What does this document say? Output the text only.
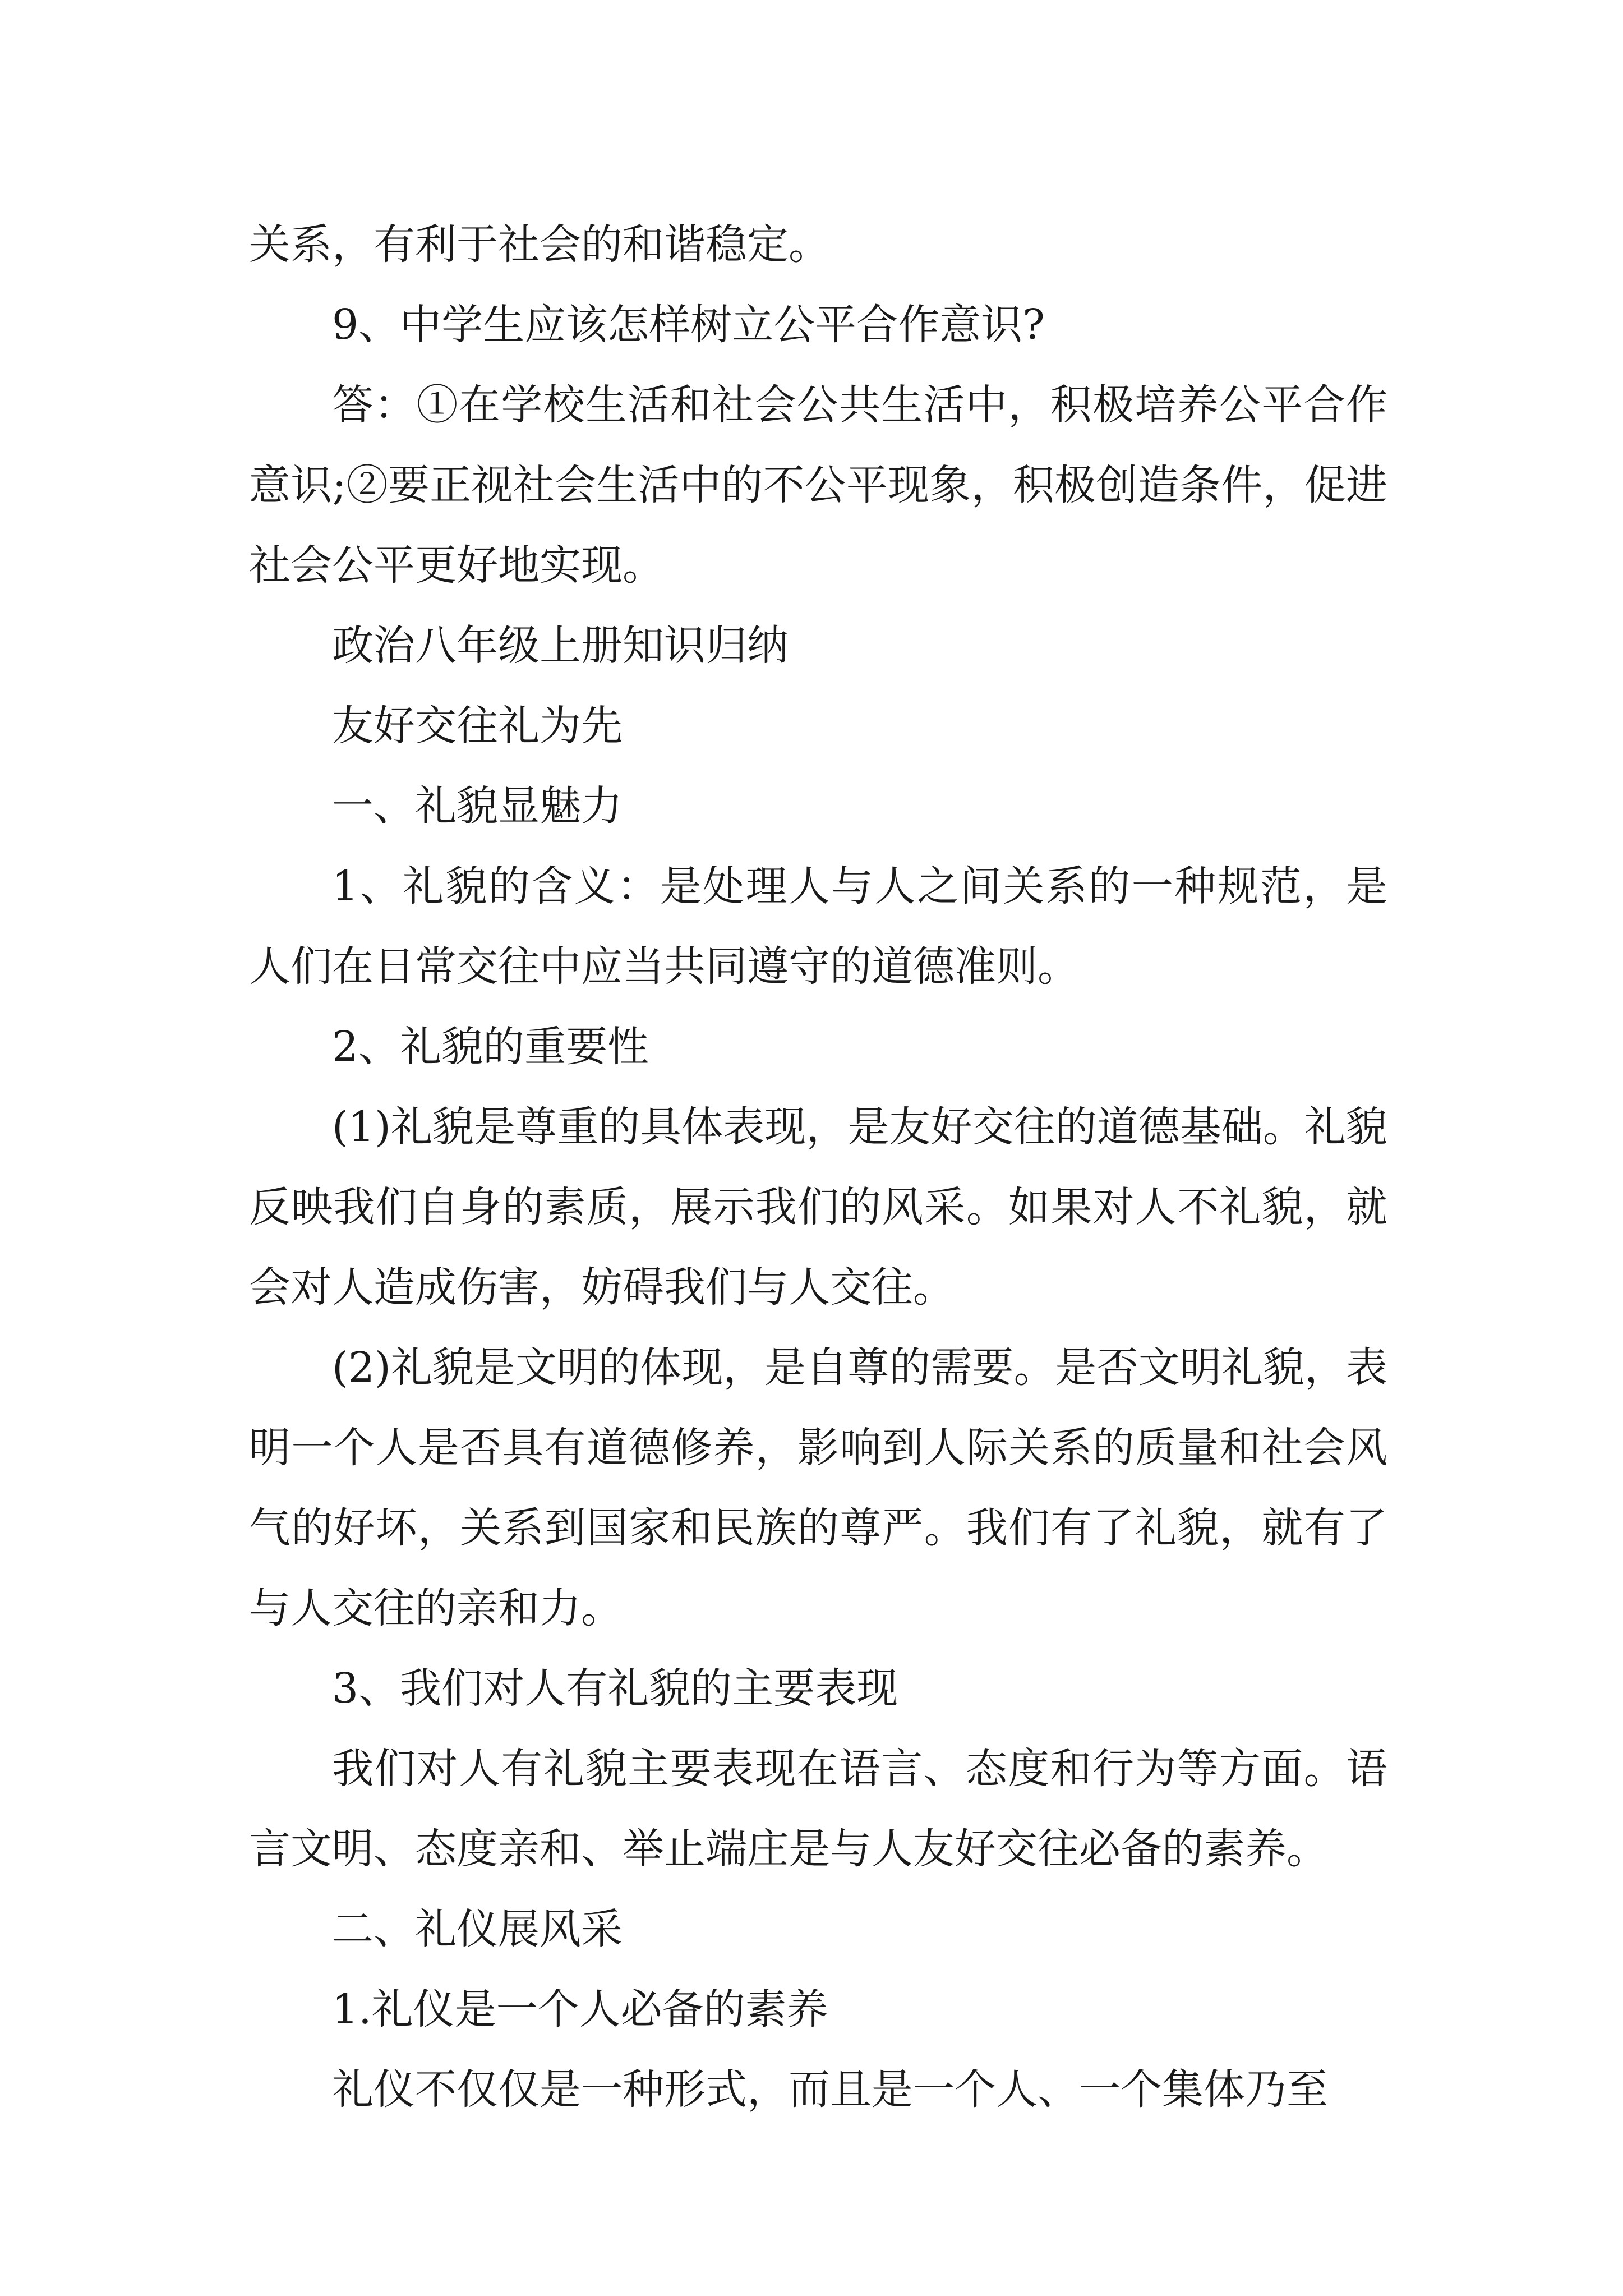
关系，有利于社会的和谐稳定。

9、中学生应该怎样树立公平合作意识?

答：①在学校生活和社会公共生活中，积极培养公平合作意识;②要正视社会生活中的不公平现象，积极创造条件，促进社会公平更好地实现。

政治八年级上册知识归纳

友好交往礼为先

一、礼貌显魅力

1、礼貌的含义：是处理人与人之间关系的一种规范，是人们在日常交往中应当共同遵守的道德准则。

2、礼貌的重要性

(1)礼貌是尊重的具体表现，是友好交往的道德基础。礼貌反映我们自身的素质，展示我们的风采。如果对人不礼貌，就会对人造成伤害，妨碍我们与人交往。

(2)礼貌是文明的体现，是自尊的需要。是否文明礼貌，表明一个人是否具有道德修养，影响到人际关系的质量和社会风气的好坏，关系到国家和民族的尊严。我们有了礼貌，就有了与人交往的亲和力。

3、我们对人有礼貌的主要表现

我们对人有礼貌主要表现在语言、态度和行为等方面。语言文明、态度亲和、举止端庄是与人友好交往必备的素养。

二、礼仪展风采

1.礼仪是一个人必备的素养

礼仪不仅仅是一种形式，而且是一个人、一个集体乃至
